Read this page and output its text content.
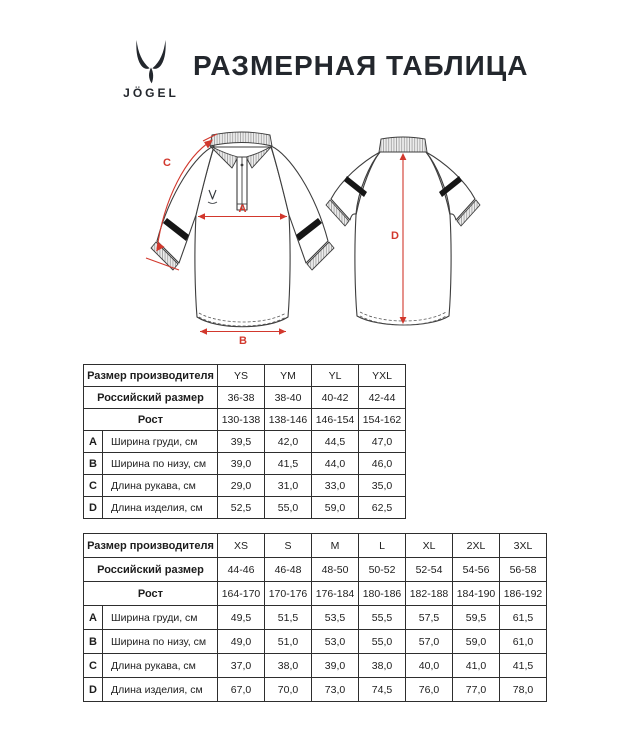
JÖGEL
РАЗМЕРНАЯ ТАБЛИЦА
A
B
C
D
Размер производителя		YS	YM	YL	YXL
Российский размер		36-38	38-40	40-42	42-44
Рост		130-138	138-146	146-154	154-162
A	Ширина груди, см	39,5	42,0	44,5	47,0
B	Ширина по низу, см	39,0	41,5	44,0	46,0
C	Длина рукава, см	29,0	31,0	33,0	35,0
D	Длина изделия, см	52,5	55,0	59,0	62,5
Размер производителя		XS	S	M	L	XL	2XL	3XL
Российский размер		44-46	46-48	48-50	50-52	52-54	54-56	56-58
Рост		164-170	170-176	176-184	180-186	182-188	184-190	186-192
A	Ширина груди, см	49,5	51,5	53,5	55,5	57,5	59,5	61,5
B	Ширина по низу, см	49,0	51,0	53,0	55,0	57,0	59,0	61,0
C	Длина рукава, см	37,0	38,0	39,0	38,0	40,0	41,0	41,5
D	Длина изделия, см	67,0	70,0	73,0	74,5	76,0	77,0	78,0
